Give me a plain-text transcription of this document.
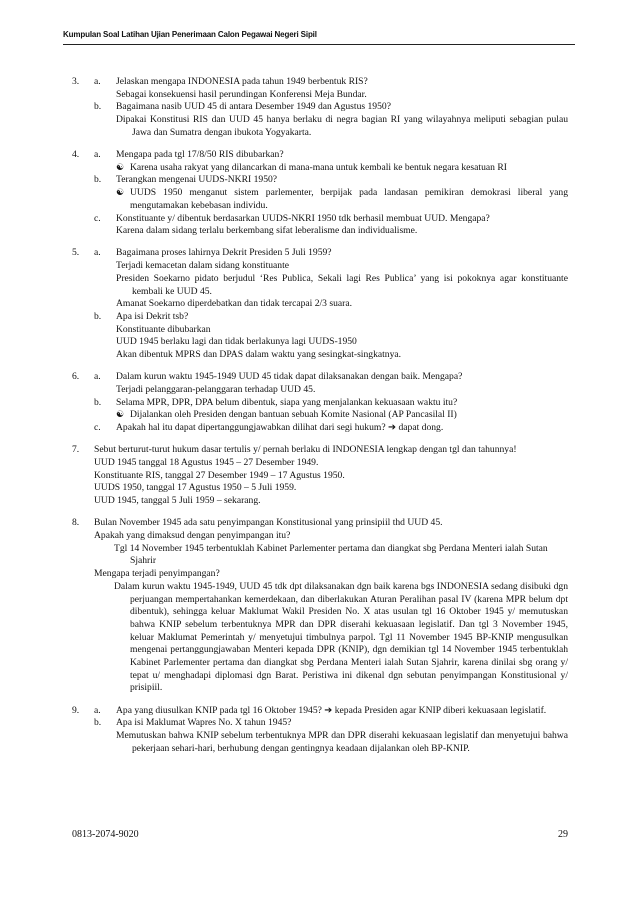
Kumpulan Soal Latihan Ujian Penerimaan Calon Pegawai Negeri Sipil
3.	a.	Jelaskan mengapa INDONESIA pada tahun 1949 berbentuk RIS?

Sebagai konsekuensi hasil perundingan Konferensi Meja Bundar.

b.	Bagaimana nasib UUD 45 di antara Desember 1949 dan Agustus 1950?

Dipakai Konstitusi RIS dan UUD 45 hanya berlaku di negra bagian RI yang wilayahnya meliputi sebagian pulau Jawa dan Sumatra dengan ibukota Yogyakarta.

4.	a.	Mengapa pada tgl 17/8/50 RIS dibubarkan?

☯ Karena usaha rakyat yang dilancarkan di mana-mana untuk kembali ke bentuk negara kesatuan RI
b.	Terangkan mengenai UUDS-NKRI 1950?

☯ UUDS 1950 menganut sistem parlementer, berpijak pada landasan pemikiran demokrasi liberal yang mengutamakan kebebasan individu.
c.	Konstituante y/ dibentuk berdasarkan UUDS-NKRI 1950 tdk berhasil membuat UUD. Mengapa?

Karena dalam sidang terlalu berkembang sifat leberalisme dan individualisme.

5.	a.	Bagaimana proses lahirnya Dekrit Presiden 5 Juli 1959?

Terjadi kemacetan dalam sidang konstituante

Presiden Soekarno pidato berjudul ‘Res Publica, Sekali lagi Res Publica’ yang isi pokoknya agar konstituante kembali ke UUD 45.

Amanat Soekarno diperdebatkan dan tidak tercapai 2/3 suara.

b.	Apa isi Dekrit tsb?

Konstituante dibubarkan

UUD 1945 berlaku lagi dan tidak berlakunya lagi UUDS-1950

Akan dibentuk MPRS dan DPAS dalam waktu yang sesingkat-singkatnya.

6.	a.	Dalam kurun waktu 1945-1949 UUD 45 tidak dapat dilaksanakan dengan baik. Mengapa?

Terjadi pelanggaran-pelanggaran terhadap UUD 45.

b.	Selama MPR, DPR, DPA belum dibentuk, siapa yang menjalankan kekuasaan waktu itu?

☯ Dijalankan oleh Presiden dengan bantuan sebuah Komite Nasional (AP Pancasilal II)
c.	Apakah hal itu dapat dipertanggungjawabkan dilihat dari segi hukum? ➔ dapat dong.

7.	Sebut berturut-turut hukum dasar tertulis y/ pernah berlaku di INDONESIA lengkap dengan tgl dan tahunnya!

UUD 1945 tanggal 18 Agustus 1945 – 27 Desember 1949.

Konstituante RIS, tanggal 27 Desember 1949 – 17 Agustus 1950.

UUDS 1950, tanggal 17 Agustus 1950 – 5 Juli 1959.

UUD 1945, tanggal 5 Juli 1959 – sekarang.

8.	Bulan November 1945 ada satu penyimpangan Konstitusional yang prinsipiil thd UUD 45.

Apakah yang dimaksud dengan penyimpangan itu?

Tgl 14 November 1945 terbentuklah Kabinet Parlementer pertama dan diangkat sbg Perdana Menteri ialah Sutan Sjahrir

Mengapa terjadi penyimpangan?

Dalam kurun waktu 1945-1949, UUD 45 tdk dpt dilaksanakan dgn baik karena bgs INDONESIA sedang disibuki dgn perjuangan mempertahankan kemerdekaan, dan diberlakukan Aturan Peralihan pasal IV (karena MPR belum dpt dibentuk), sehingga keluar Maklumat Wakil Presiden No. X atas usulan tgl 16 Oktober 1945 y/ memutuskan bahwa KNIP sebelum terbentuknya MPR dan DPR diserahi kekuasaan legislatif. Dan tgl 3 November 1945, keluar Maklumat Pemerintah y/ menyetujui timbulnya parpol. Tgl 11 November 1945 BP-KNIP mengusulkan mengenai pertanggungjawaban Menteri kepada DPR (KNIP), dgn demikian tgl 14 November 1945 terbentuklah Kabinet Parlementer pertama dan diangkat sbg Perdana Menteri ialah Sutan Sjahrir, karena dinilai sbg orang y/ tepat u/ menghadapi diplomasi dgn Barat. Peristiwa ini dikenal dgn sebutan penyimpangan Konstitusional y/ prisipiil.

9.	a.	Apa yang diusulkan KNIP pada tgl 16 Oktober 1945? ➔ kepada Presiden agar KNIP diberi kekuasaan legislatif.

b.	Apa isi Maklumat Wapres No. X tahun 1945?

Memutuskan bahwa KNIP sebelum terbentuknya MPR dan DPR diserahi kekuasaan legislatif dan menyetujui bahwa pekerjaan sehari-hari, berhubung dengan gentingnya keadaan dijalankan oleh BP-KNIP.

0813-2074-9020	29
